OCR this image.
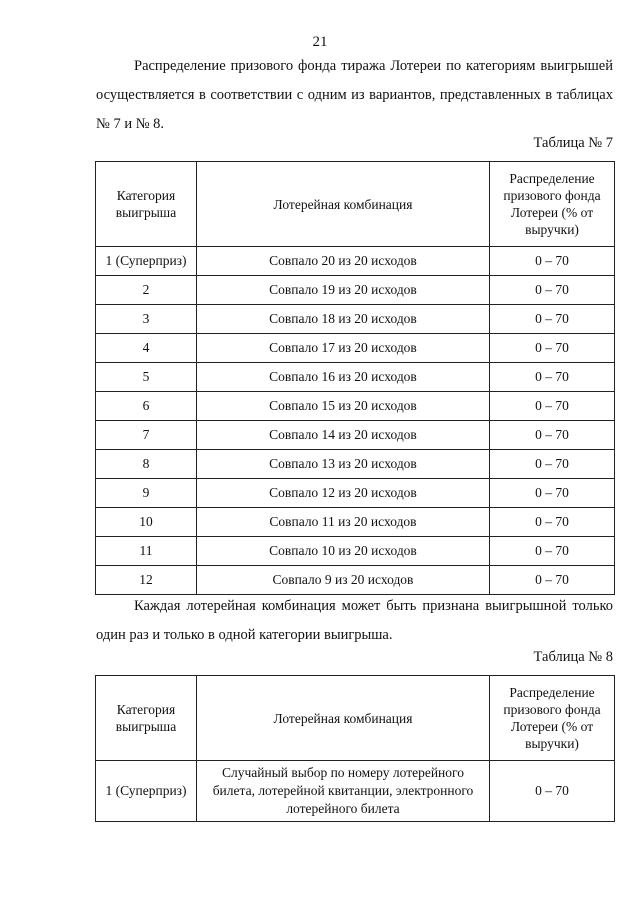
21
Распределение призового фонда тиража Лотереи по категориям выигрышей осуществляется в соответствии с одним из вариантов, представленных в таблицах № 7 и № 8.
Таблица № 7
Категория выигрыша	Лотерейная комбинация	Распределение призового фонда Лотереи (% от выручки)
1 (Суперприз)	Совпало 20 из 20 исходов	0 – 70
2	Совпало 19 из 20 исходов	0 – 70
3	Совпало 18 из 20 исходов	0 – 70
4	Совпало 17 из 20 исходов	0 – 70
5	Совпало 16 из 20 исходов	0 – 70
6	Совпало 15 из 20 исходов	0 – 70
7	Совпало 14 из 20 исходов	0 – 70
8	Совпало 13 из 20 исходов	0 – 70
9	Совпало 12 из 20 исходов	0 – 70
10	Совпало 11 из 20 исходов	0 – 70
11	Совпало 10 из 20 исходов	0 – 70
12	Совпало 9 из 20 исходов	0 – 70
Каждая лотерейная комбинация может быть признана выигрышной только один раз и только в одной категории выигрыша.
Таблица № 8
Категория выигрыша	Лотерейная комбинация	Распределение призового фонда Лотереи (% от выручки)
1 (Суперприз)	Случайный выбор по номеру лотерейного билета, лотерейной квитанции, электронного лотерейного билета	0 – 70
